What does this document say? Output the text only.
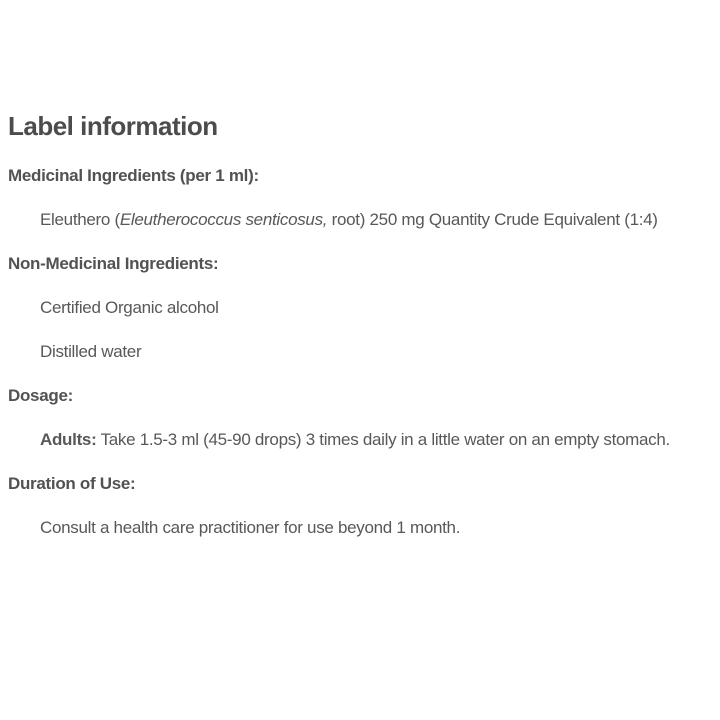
Label information

Medicinal Ingredients (per 1 ml):

Eleuthero (Eleutherococcus senticosus, root) 250 mg Quantity Crude Equivalent (1:4)

Non-Medicinal Ingredients:

Certified Organic alcohol

Distilled water

Dosage:

Adults: Take 1.5-3 ml (45-90 drops) 3 times daily in a little water on an empty stomach.

Duration of Use:

Consult a health care practitioner for use beyond 1 month.
